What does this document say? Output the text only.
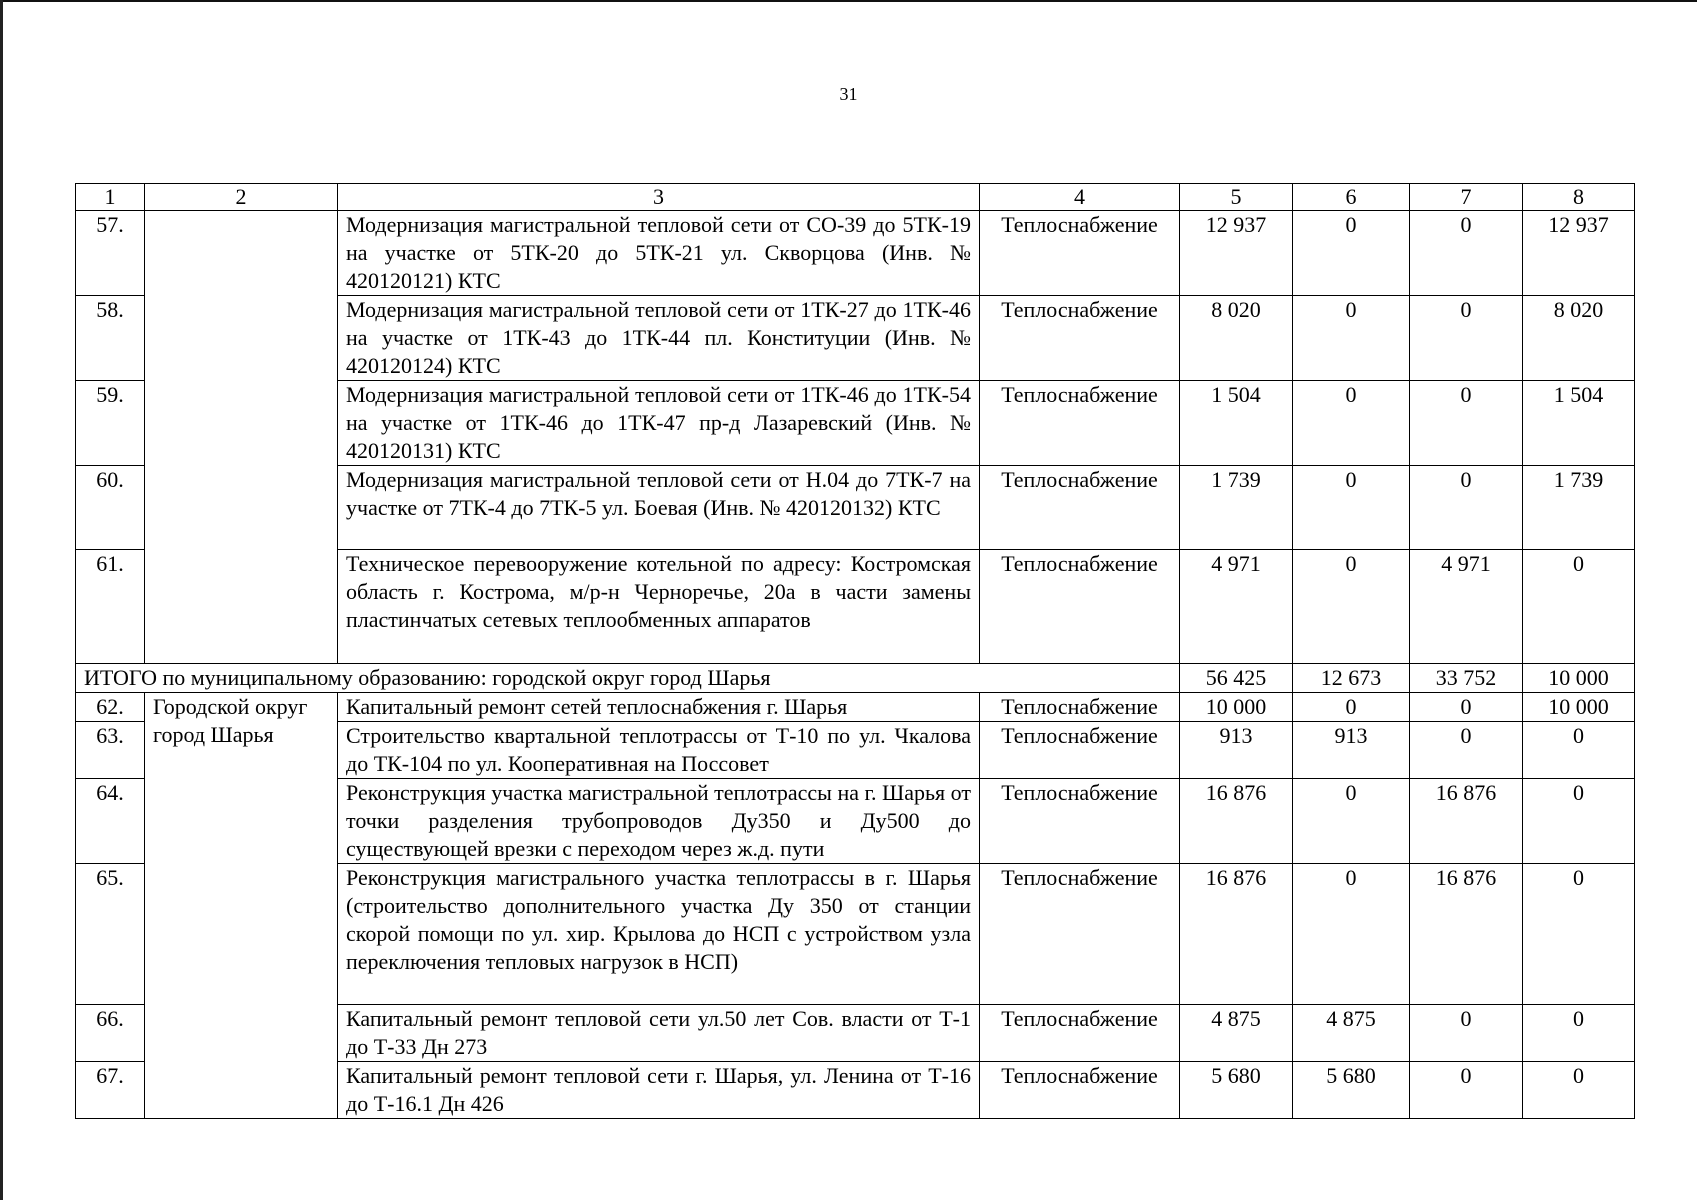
31
1	2	3	4	5	6	7	8
57.		Модернизация магистральной тепловой сети от СО-39 до 5ТК-19 на участке от 5ТК-20 до 5ТК-21 ул. Скворцова (Инв. № 420120121) КТС	Теплоснабжение	12 937	0	0	12 937
58.		Модернизация магистральной тепловой сети от 1ТК-27 до 1ТК-46 на участке от 1ТК-43 до 1ТК-44 пл. Конституции (Инв. № 420120124) КТС	Теплоснабжение	8 020	0	0	8 020
59.		Модернизация магистральной тепловой сети от 1ТК-46 до 1ТК-54 на участке от 1ТК-46 до 1ТК-47 пр-д Лазаревский (Инв. № 420120131) КТС	Теплоснабжение	1 504	0	0	1 504
60.		Модернизация магистральной тепловой сети от Н.04 до 7ТК-7 на участке от 7ТК-4 до 7ТК-5 ул. Боевая (Инв. № 420120132) КТС	Теплоснабжение	1 739	0	0	1 739
61.		Техническое перевооружение котельной по адресу: Костромская область г. Кострома, м/р-н Черноречье, 20а в части замены пластинчатых сетевых теплообменных аппаратов	Теплоснабжение	4 971	0	4 971	0
ИТОГО по муниципальному образованию: городской округ город Шарья				56 425	12 673	33 752	10 000
62.	Городской округ город Шарья	Капитальный ремонт сетей теплоснабжения г. Шарья	Теплоснабжение	10 000	0	0	10 000
63.		Строительство квартальной теплотрассы от Т-10 по ул. Чкалова до ТК-104 по ул. Кооперативная на Поссовет	Теплоснабжение	913	913	0	0
64.		Реконструкция участка магистральной теплотрассы на г. Шарья от точки разделения трубопроводов Ду350 и Ду500 до существующей врезки с переходом через ж.д. пути	Теплоснабжение	16 876	0	16 876	0
65.		Реконструкция магистрального участка теплотрассы в г. Шарья (строительство дополнительного участка Ду 350 от станции скорой помощи по ул. хир. Крылова до НСП с устройством узла переключения тепловых нагрузок в НСП)	Теплоснабжение	16 876	0	16 876	0
66.		Капитальный ремонт тепловой сети ул.50 лет Сов. власти от Т-1 до Т-33 Дн 273	Теплоснабжение	4 875	4 875	0	0
67.		Капитальный ремонт тепловой сети г. Шарья, ул. Ленина от Т-16 до Т-16.1 Дн 426	Теплоснабжение	5 680	5 680	0	0
